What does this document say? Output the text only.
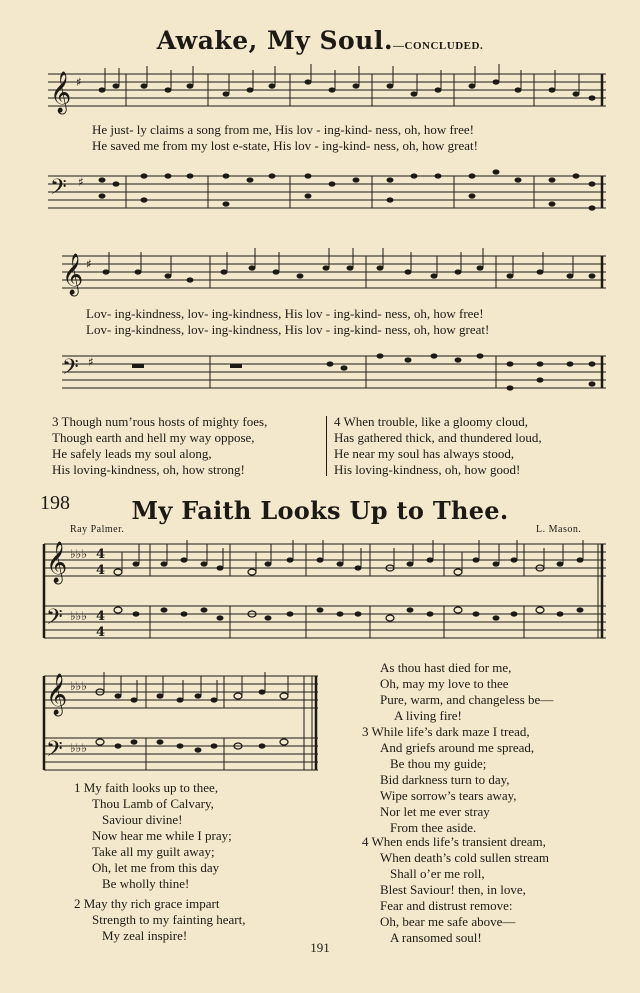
Awake, My Soul.—CONCLUDED.
𝄞 ♯
He just- ly claims a song from me, His lov - ing-kind- ness, oh, how free!
He saved me from my lost e-state, His lov - ing-kind- ness, oh, how great!
𝄢 ♯
𝄞 ♯
Lov- ing-kindness, lov- ing-kindness, His lov - ing-kind- ness, oh, how free!
Lov- ing-kindness, lov- ing-kindness, His lov - ing-kind- ness, oh, how great!
𝄢 ♯
3 Though num’rous hosts of mighty foes,
Though earth and hell my way oppose,
He safely leads my soul along,
His loving-kindness, oh, how strong!
4 When trouble, like a gloomy cloud,
Has gathered thick, and thundered loud,
He near my soul has always stood,
His loving-kindness, oh, how good!
198	My Faith Looks Up to Thee.
Ray Palmer.	L. Mason.
𝄞 ♭♭♭ 4
4
𝄢 ♭♭♭ 4
4
𝄞 ♭♭♭
𝄢 ♭♭♭
1 My faith looks up to thee,
Thou Lamb of Calvary,
Saviour divine!
Now hear me while I pray;
Take all my guilt away;
Oh, let me from this day
Be wholly thine!
2 May thy rich grace impart
Strength to my fainting heart,
My zeal inspire!
As thou hast died for me,
Oh, may my love to thee
Pure, warm, and changeless be—
A living fire!
3 While life’s dark maze I tread,
And griefs around me spread,
Be thou my guide;
Bid darkness turn to day,
Wipe sorrow’s tears away,
Nor let me ever stray
From thee aside.
4 When ends life’s transient dream,
When death’s cold sullen stream
Shall o’er me roll,
Blest Saviour! then, in love,
Fear and distrust remove:
Oh, bear me safe above—
A ransomed soul!
191
